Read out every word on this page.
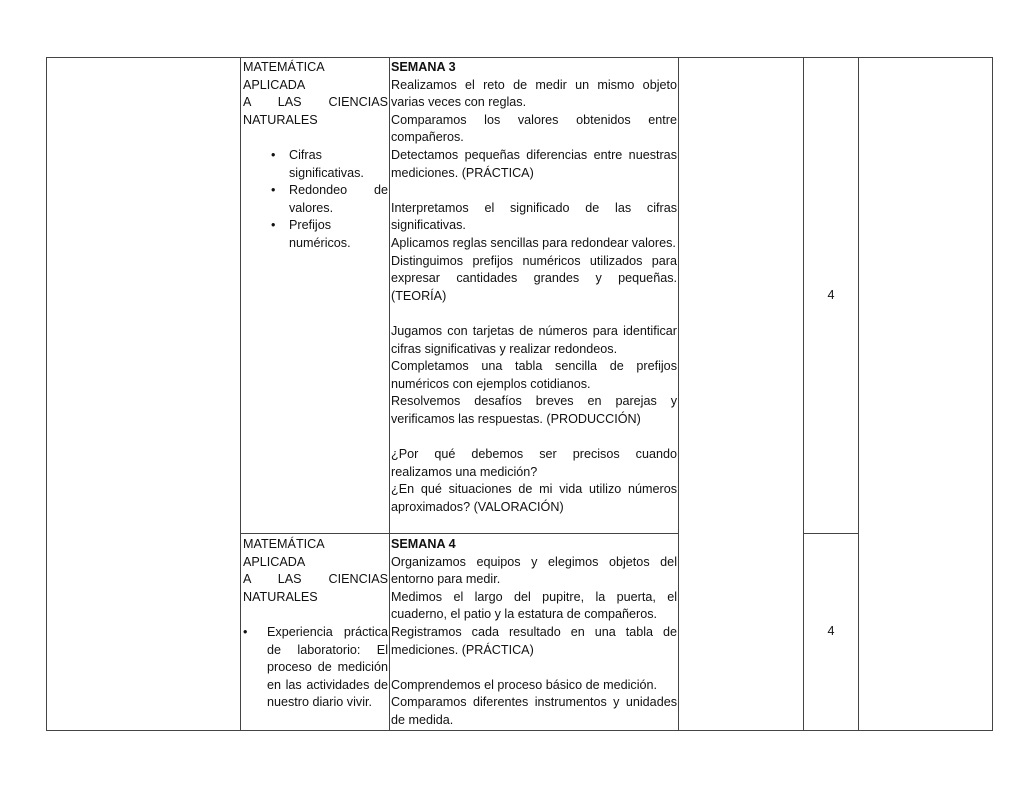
MATEMÁTICA APLICADA
A LAS CIENCIAS
NATURALES
• Cifras significativas.
• Redondeo de valores.
• Prefijos numéricos.

SEMANA 3

Realizamos el reto de medir un mismo objeto varias veces con reglas.

Comparamos los valores obtenidos entre compañeros.

Detectamos pequeñas diferencias entre nuestras mediciones. (PRÁCTICA)

Interpretamos el significado de las cifras significativas.

Aplicamos reglas sencillas para redondear valores.

Distinguimos prefijos numéricos utilizados para expresar cantidades grandes y pequeñas. (TEORÍA)

Jugamos con tarjetas de números para identificar cifras significativas y realizar redondeos.

Completamos una tabla sencilla de prefijos numéricos con ejemplos cotidianos.

Resolvemos desafíos breves en parejas y verificamos las respuestas. (PRODUCCIÓN)

¿Por qué debemos ser precisos cuando realizamos una medición?

¿En qué situaciones de mi vida utilizo números aproximados? (VALORACIÓN)

4
MATEMÁTICA APLICADA
A LAS CIENCIAS
NATURALES
• Experiencia práctica de laboratorio: El proceso de medición en las actividades de nuestro diario vivir.

SEMANA 4

Organizamos equipos y elegimos objetos del entorno para medir.

Medimos el largo del pupitre, la puerta, el cuaderno, el patio y la estatura de compañeros.

Registramos cada resultado en una tabla de mediciones. (PRÁCTICA)

Comprendemos el proceso básico de medición.

Comparamos diferentes instrumentos y unidades de medida.

4
